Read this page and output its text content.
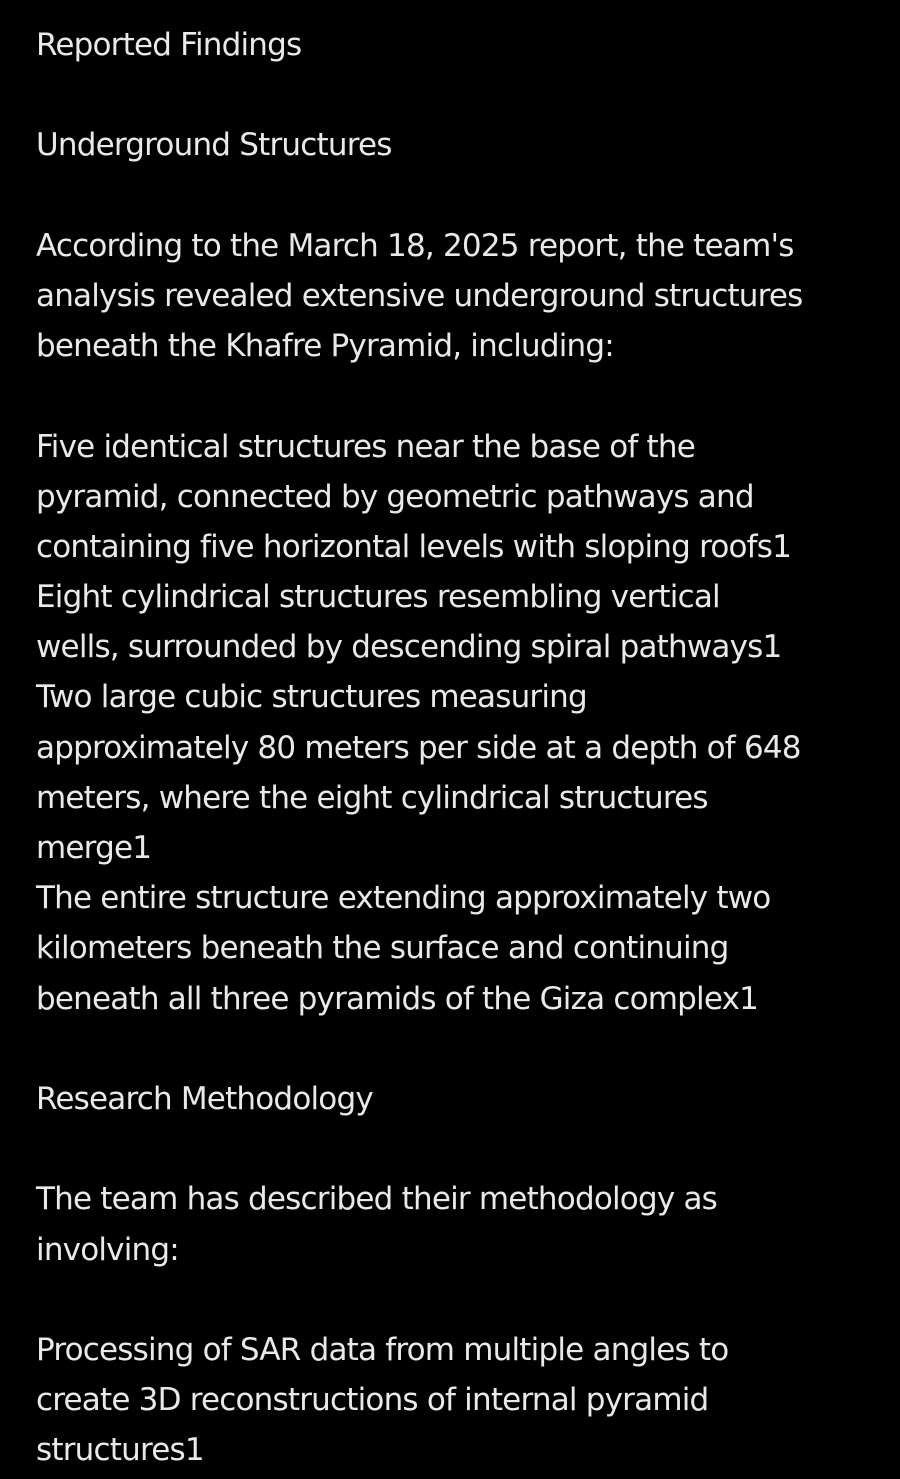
Reported Findings
Underground Structures
According to the March 18, 2025 report, the team's
analysis revealed extensive underground structures
beneath the Khafre Pyramid, including:
Five identical structures near the base of the
pyramid, connected by geometric pathways and
containing five horizontal levels with sloping roofs1
Eight cylindrical structures resembling vertical
wells, surrounded by descending spiral pathways1
Two large cubic structures measuring
approximately 80 meters per side at a depth of 648
meters, where the eight cylindrical structures
merge1
The entire structure extending approximately two
kilometers beneath the surface and continuing
beneath all three pyramids of the Giza complex1
Research Methodology
The team has described their methodology as
involving:
Processing of SAR data from multiple angles to
create 3D reconstructions of internal pyramid
structures1
